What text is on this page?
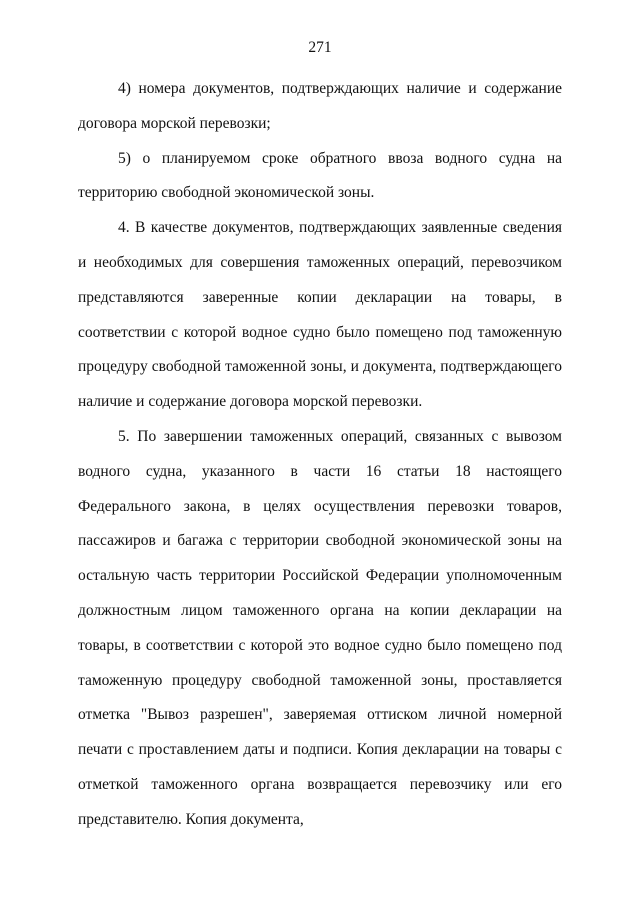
271

4) номера документов, подтверждающих наличие и содержание договора морской перевозки;

5) о планируемом сроке обратного ввоза водного судна на территорию свободной экономической зоны.

4. В качестве документов, подтверждающих заявленные сведения и необходимых для совершения таможенных операций, перевозчиком представляются заверенные копии декларации на товары, в соответствии с которой водное судно было помещено под таможенную процедуру свободной таможенной зоны, и документа, подтверждающего наличие и содержание договора морской перевозки.

5. По завершении таможенных операций, связанных с вывозом водного судна, указанного в части 16 статьи 18 настоящего Федерального закона, в целях осуществления перевозки товаров, пассажиров и багажа с территории свободной экономической зоны на остальную часть территории Российской Федерации уполномоченным должностным лицом таможенного органа на копии декларации на товары, в соответствии с которой это водное судно было помещено под таможенную процедуру свободной таможенной зоны, проставляется отметка "Вывоз разрешен", заверяемая оттиском личной номерной печати с проставлением даты и подписи. Копия декларации на товары с отметкой таможенного органа возвращается перевозчику или его представителю. Копия документа,
